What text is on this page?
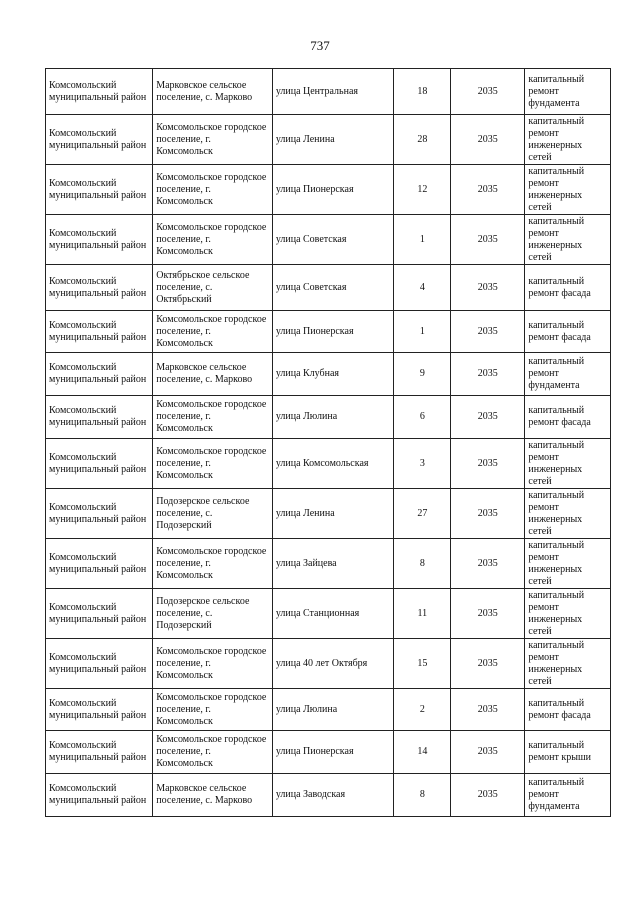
737
Комсомольский муниципальный район	Марковское сельское поселение, с. Марково	улица Центральная	18	2035	капитальный ремонт фундамента
Комсомольский муниципальный район	Комсомольское городское поселение, г. Комсомольск	улица Ленина	28	2035	капитальный ремонт инженерных сетей
Комсомольский муниципальный район	Комсомольское городское поселение, г. Комсомольск	улица Пионерская	12	2035	капитальный ремонт инженерных сетей
Комсомольский муниципальный район	Комсомольское городское поселение, г. Комсомольск	улица Советская	1	2035	капитальный ремонт инженерных сетей
Комсомольский муниципальный район	Октябрьское сельское поселение, с. Октябрьский	улица Советская	4	2035	капитальный ремонт фасада
Комсомольский муниципальный район	Комсомольское городское поселение, г. Комсомольск	улица Пионерская	1	2035	капитальный ремонт фасада
Комсомольский муниципальный район	Марковское сельское поселение, с. Марково	улица Клубная	9	2035	капитальный ремонт фундамента
Комсомольский муниципальный район	Комсомольское городское поселение, г. Комсомольск	улица Люлина	6	2035	капитальный ремонт фасада
Комсомольский муниципальный район	Комсомольское городское поселение, г. Комсомольск	улица Комсомольская	3	2035	капитальный ремонт инженерных сетей
Комсомольский муниципальный район	Подозерское сельское поселение, с. Подозерский	улица Ленина	27	2035	капитальный ремонт инженерных сетей
Комсомольский муниципальный район	Комсомольское городское поселение, г. Комсомольск	улица Зайцева	8	2035	капитальный ремонт инженерных сетей
Комсомольский муниципальный район	Подозерское сельское поселение, с. Подозерский	улица Станционная	11	2035	капитальный ремонт инженерных сетей
Комсомольский муниципальный район	Комсомольское городское поселение, г. Комсомольск	улица 40 лет Октября	15	2035	капитальный ремонт инженерных сетей
Комсомольский муниципальный район	Комсомольское городское поселение, г. Комсомольск	улица Люлина	2	2035	капитальный ремонт фасада
Комсомольский муниципальный район	Комсомольское городское поселение, г. Комсомольск	улица Пионерская	14	2035	капитальный ремонт крыши
Комсомольский муниципальный район	Марковское сельское поселение, с. Марково	улица Заводская	8	2035	капитальный ремонт фундамента
